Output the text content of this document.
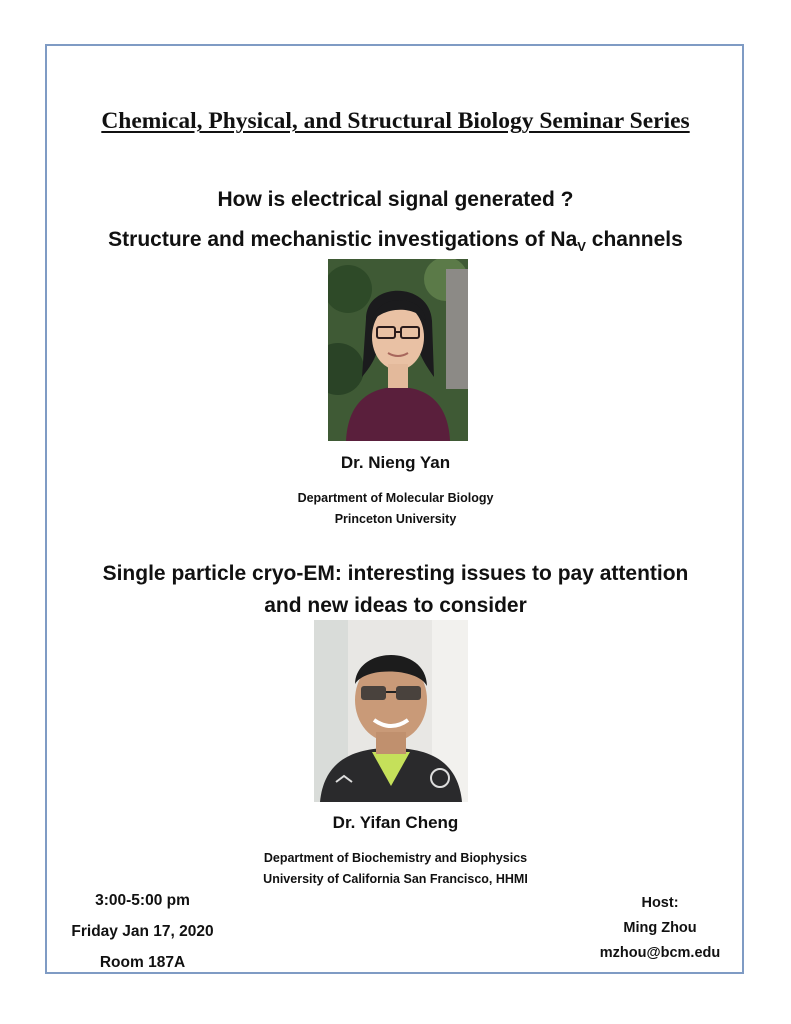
Chemical, Physical, and Structural Biology Seminar Series
How is electrical signal generated ?
Structure and mechanistic investigations of $Na_V$ channels
Dr. Nieng Yan
Department of Molecular Biology
Princeton University
Single particle cryo-EM: interesting issues to pay attention
and new ideas to consider
Dr. Yifan Cheng
Department of Biochemistry and Biophysics
University of California San Francisco, HHMI
3:00-5:00 pm
Friday Jan 17, 2020
Room 187A
Host:
Ming Zhou
mzhou@bcm.edu
